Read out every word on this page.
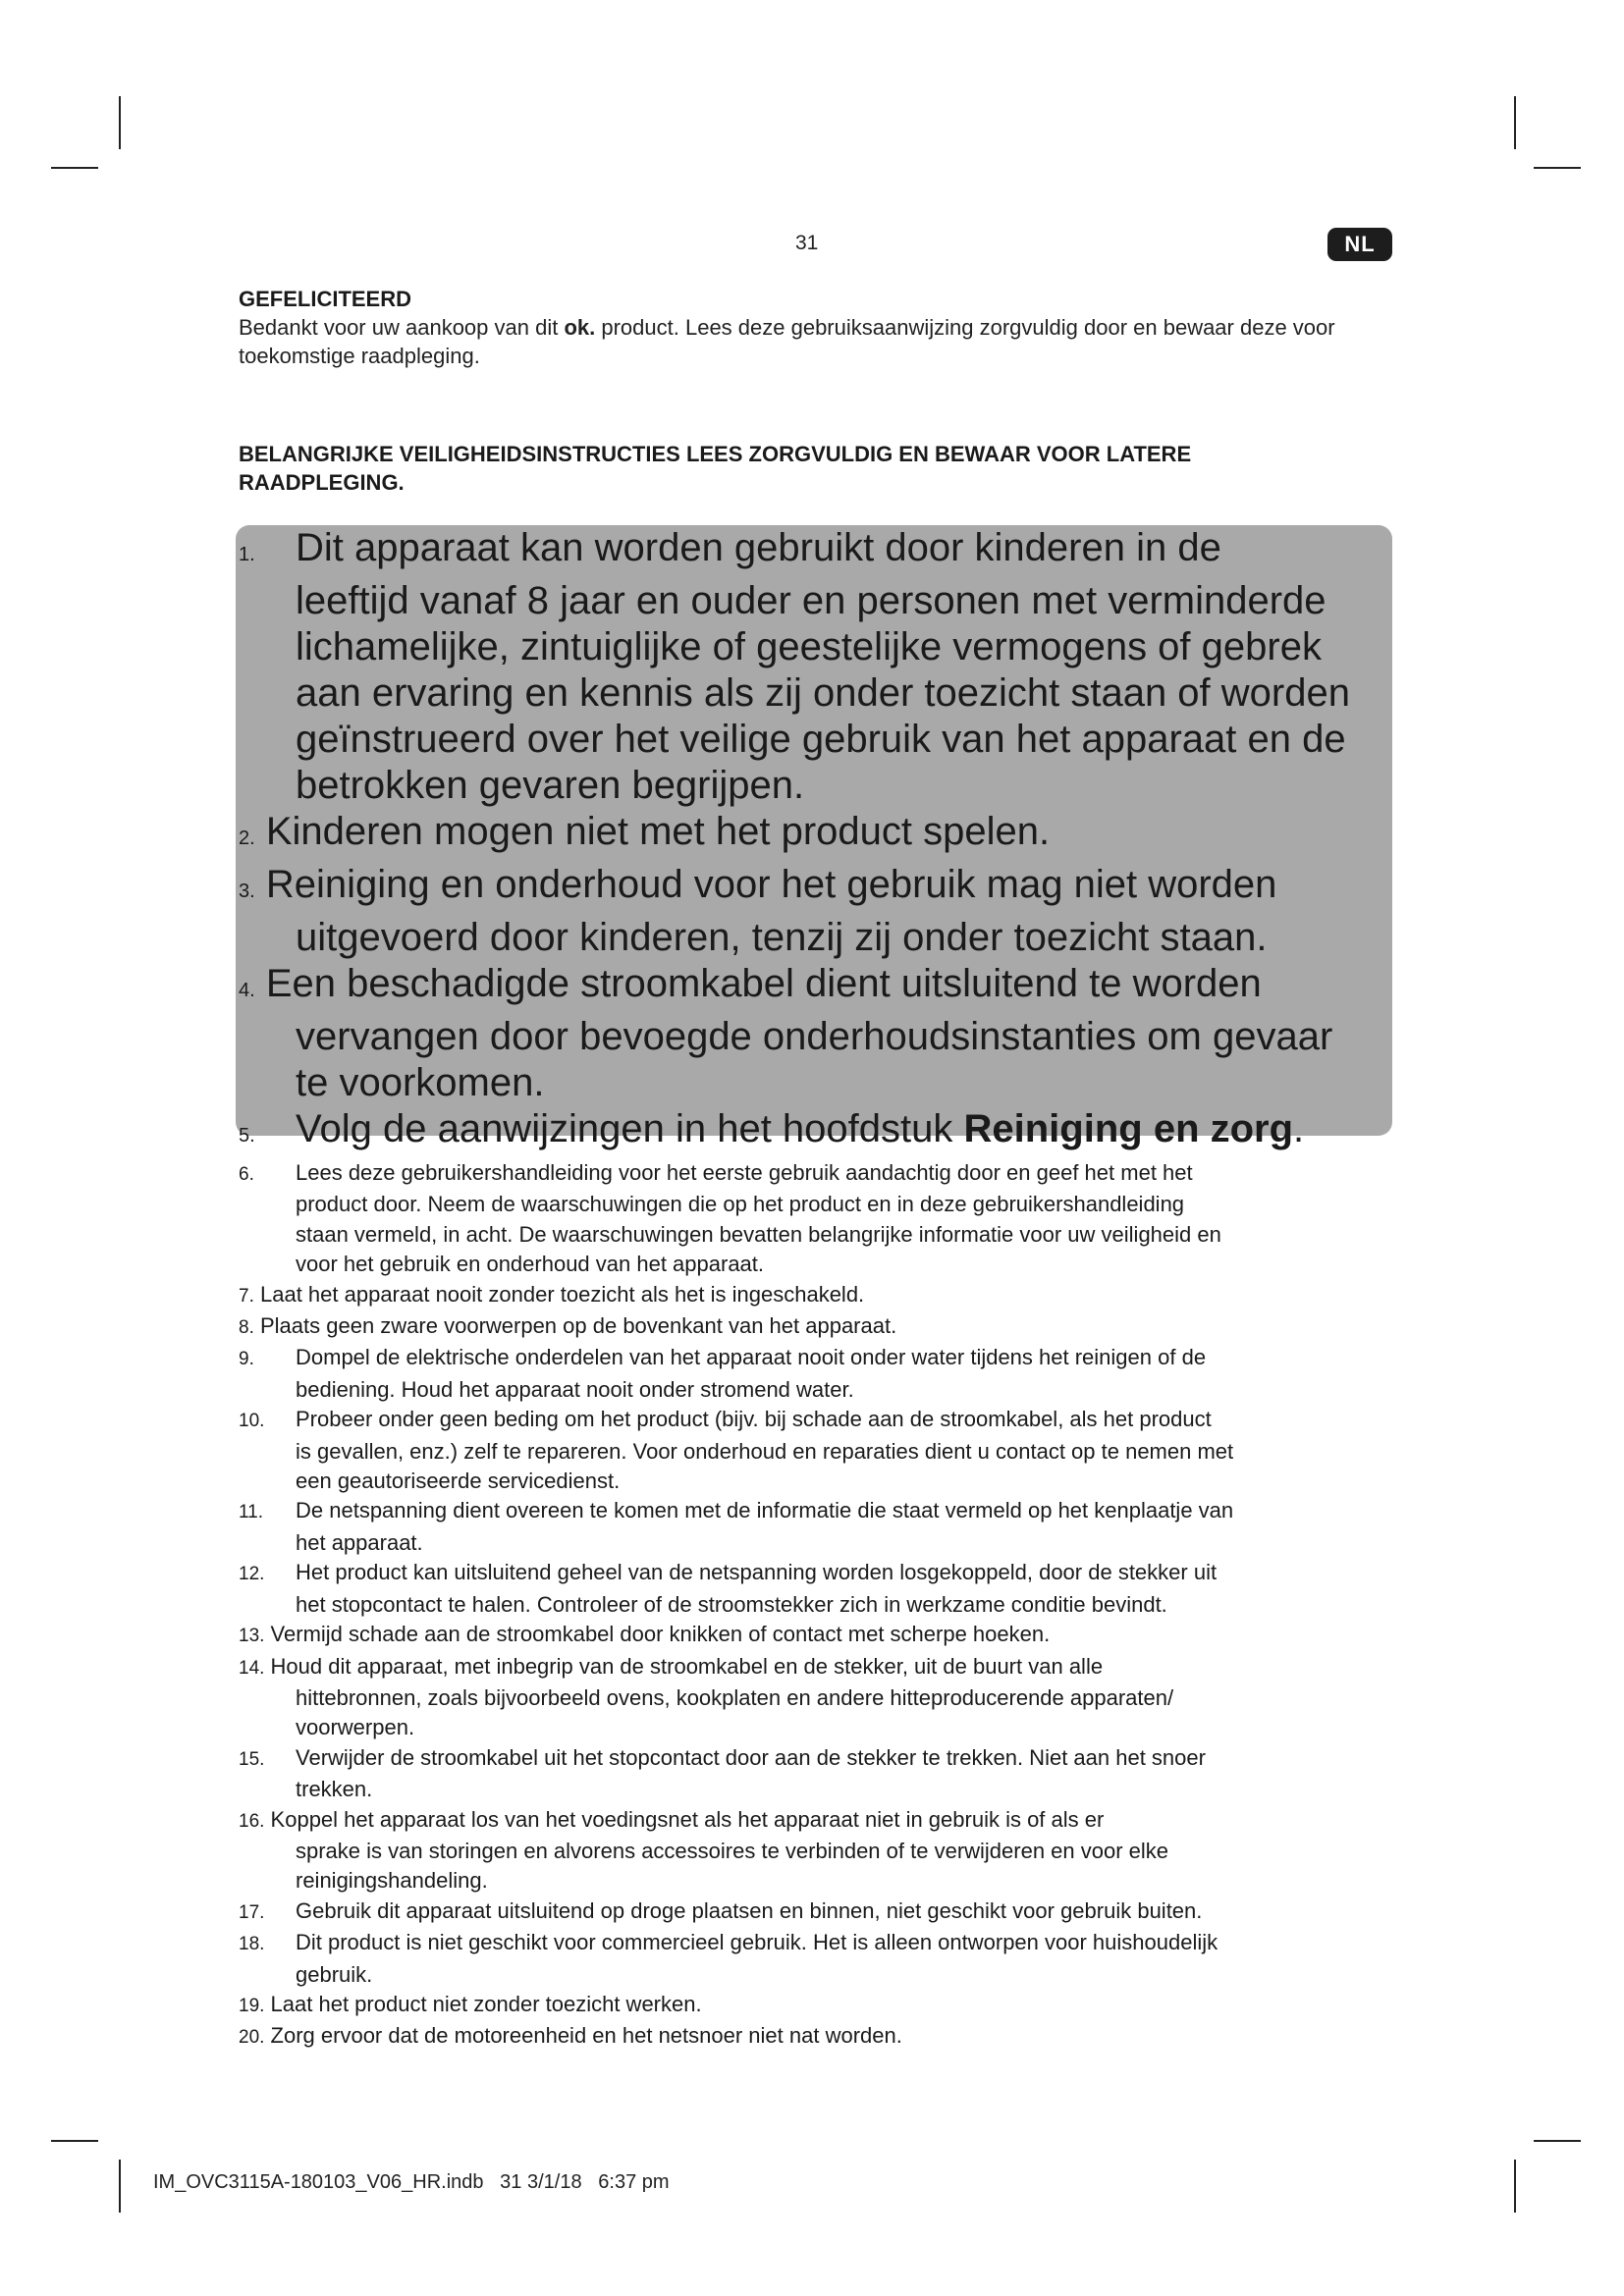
31	NL
GEFELICITEERD
Bedankt voor uw aankoop van dit ok. product. Lees deze gebruiksaanwijzing zorgvuldig door en bewaar deze voor toekomstige raadpleging.
BELANGRIJKE VEILIGHEIDSINSTRUCTIES LEES ZORGVULDIG EN BEWAAR VOOR LATERE
RAADPLEGING.
1. Dit apparaat kan worden gebruikt door kinderen in de
leeftijd vanaf 8 jaar en ouder en personen met verminderde
lichamelijke, zintuiglijke of geestelijke vermogens of gebrek
aan ervaring en kennis als zij onder toezicht staan of worden
geïnstrueerd over het veilige gebruik van het apparaat en de
betrokken gevaren begrijpen.
2. Kinderen mogen niet met het product spelen.
3. Reiniging en onderhoud voor het gebruik mag niet worden
uitgevoerd door kinderen, tenzij zij onder toezicht staan.
4. Een beschadigde stroomkabel dient uitsluitend te worden
vervangen door bevoegde onderhoudsinstanties om gevaar
te voorkomen.
5. Volg de aanwijzingen in het hoofdstuk Reiniging en zorg.
6. Lees deze gebruikershandleiding voor het eerste gebruik aandachtig door en geef het met het
product door. Neem de waarschuwingen die op het product en in deze gebruikershandleiding
staan vermeld, in acht. De waarschuwingen bevatten belangrijke informatie voor uw veiligheid en
voor het gebruik en onderhoud van het apparaat.
7. Laat het apparaat nooit zonder toezicht als het is ingeschakeld.
8. Plaats geen zware voorwerpen op de bovenkant van het apparaat.
9. Dompel de elektrische onderdelen van het apparaat nooit onder water tijdens het reinigen of de
bediening. Houd het apparaat nooit onder stromend water.
10. Probeer onder geen beding om het product (bijv. bij schade aan de stroomkabel, als het product
is gevallen, enz.) zelf te repareren. Voor onderhoud en reparaties dient u contact op te nemen met
een geautoriseerde servicedienst.
11. De netspanning dient overeen te komen met de informatie die staat vermeld op het kenplaatje van
het apparaat.
12. Het product kan uitsluitend geheel van de netspanning worden losgekoppeld, door de stekker uit
het stopcontact te halen. Controleer of de stroomstekker zich in werkzame conditie bevindt.
13. Vermijd schade aan de stroomkabel door knikken of contact met scherpe hoeken.
14. Houd dit apparaat, met inbegrip van de stroomkabel en de stekker, uit de buurt van alle
hittebronnen, zoals bijvoorbeeld ovens, kookplaten en andere hitteproducerende apparaten/
voorwerpen.
15. Verwijder de stroomkabel uit het stopcontact door aan de stekker te trekken. Niet aan het snoer
trekken.
16. Koppel het apparaat los van het voedingsnet als het apparaat niet in gebruik is of als er
sprake is van storingen en alvorens accessoires te verbinden of te verwijderen en voor elke
reinigingshandeling.
17. Gebruik dit apparaat uitsluitend op droge plaatsen en binnen, niet geschikt voor gebruik buiten.
18. Dit product is niet geschikt voor commercieel gebruik. Het is alleen ontworpen voor huishoudelijk
gebruik.
19. Laat het product niet zonder toezicht werken.
20. Zorg ervoor dat de motoreenheid en het netsnoer niet nat worden.
IM_OVC3115A-180103_V06_HR.indb   31 3/1/18   6:37 pm
